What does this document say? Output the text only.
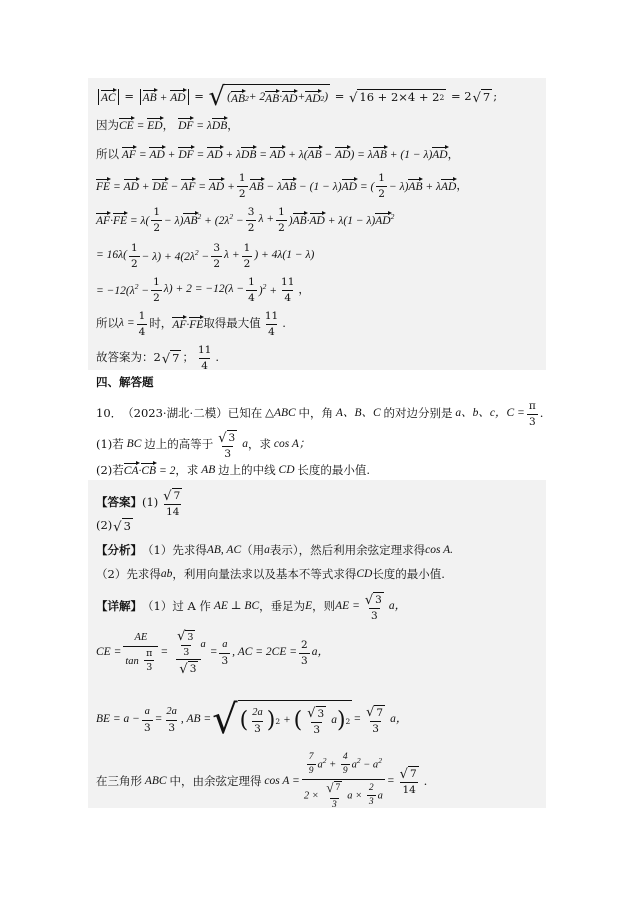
AC = AB + AD = √ ( AB 2 + 2 AB · AD + AD 2 ) = √ 16 + 2×4 + 2 2 = 2 √ 7 ;
因为 CE = ED ， DF = λDB ，
所以 AF = AD + DF = AD + λDB = AD + λ(AB − AD) = λAB + (1 − λ)AD ，
FE = AD + DE − AF = AD + $\frac{1}{2}$ AB − λAB − (1 − λ)AD = ( $\frac{1}{2} - \lambda)AB + \lambda AD$ ，
$AF\cdot FE = \lambda( \frac{1}{2} - \lambda)AB^2 + (2\lambda^2 - \frac{3}{2}$ $\lambda + \frac{1}{2} )AB\cdot AD + \lambda(1 - \lambda)AD^2$
= $16\lambda( \frac{1}{2} - \lambda) + 4(2\lambda^2 - \frac{3}{2}$ $\lambda + \frac{1}{2}$ ) + 4λ(1 − λ)
= $-12(\lambda^2 - \frac{1}{2} \lambda) + 2 = -12(\lambda - \frac{1}{4} )^2 + \frac{11}{4}$ ，
所以 $\lambda = \frac{1}{4}$ 时， AF·FE 取得最大值 $\frac{11}{4}$ .
故答案为： 2 √ 7 ； $\frac{11}{4}$ .
四、解答题
10． （2023·湖北·二模） 已知在 △ABC 中，角 A、B、C 的对边分别是 a、b、c，$C = \frac{\pi}{3}$ .
(1) 若 BC 边上的高等于 $\frac{√ 3}{3}$ a ，求 cos A；
(2) 若 CA·CB = 2 ，求 AB 边上的中线 CD 长度的最小值.
【答案】 $(1) \frac{√ 7}{14}$
(2) √ 3
【分析】 （1）先求得 AB, AC （用 a 表示），然后利用余弦定理求得 cos A.
（2）先求得 ab ，利用向量法求以及基本不等式求得 CD 长度的最小值.
【详解】 （1）过 A 作 AE ⊥ BC ，垂足为 E ，则 AE = $\frac{√ 3}{3}$ a，
CE = $\frac{AE}{\tan \frac{\pi}{3}} = \frac{\frac{√ 3}{3} a}{√ 3} = \frac{a}{3}$ , AC = $2CE = \frac{2}{3}$ a，
BE = $a - \frac{a}{3} = \frac{2a}{3}$ , AB = √ ( $\frac{2a}{3}$ ) 2 + ( $\frac{√ 3}{3}$ a ) $2 = \frac{√ 7}{3}$ a，
在三角形 ABC 中，由余弦定理得 $\cos A = \frac{\frac{7}{9} a^2 + \frac{4}{9} a^2 - a^2}{2 \times \frac{√ 7}{3} a \times \frac{2}{3} a} = \frac{√ 7}{14}$ .
